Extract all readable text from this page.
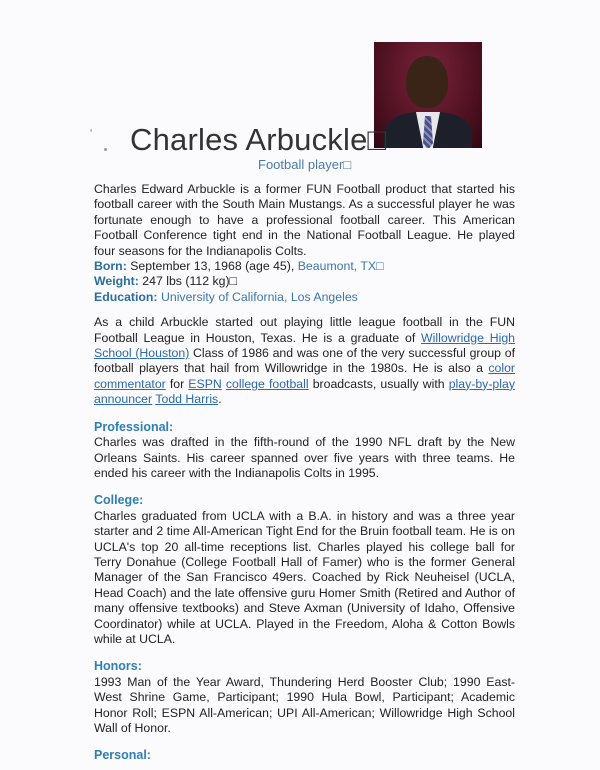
‘ Charles Arbuckle□
Football player□

Charles Edward Arbuckle is a former FUN Football product that started his football career with the South Main Mustangs. As a successful player he was fortunate enough to have a professional football career. This American Football Conference tight end in the National Football League. He played four seasons for the Indianapolis Colts.

Born: September 13, 1968 (age 45), Beaumont, TX□
Weight: 247 lbs (112 kg)□
Education: University of California, Los Angeles

As a child Arbuckle started out playing little league football in the FUN Football League in Houston, Texas. He is a graduate of Willowridge High School (Houston) Class of 1986 and was one of the very successful group of football players that hail from Willowridge in the 1980s. He is also a color commentator for ESPN college football broadcasts, usually with play-by-play announcer Todd Harris.

Professional:

Charles was drafted in the fifth-round of the 1990 NFL draft by the New Orleans Saints. His career spanned over five years with three teams. He ended his career with the Indianapolis Colts in 1995.

College:

Charles graduated from UCLA with a B.A. in history and was a three year starter and 2 time All-American Tight End for the Bruin football team. He is on UCLA's top 20 all-time receptions list. Charles played his college ball for Terry Donahue (College Football Hall of Famer) who is the former General Manager of the San Francisco 49ers. Coached by Rick Neuheisel (UCLA, Head Coach) and the late offensive guru Homer Smith (Retired and Author of many offensive textbooks) and Steve Axman (University of Idaho, Offensive Coordinator) while at UCLA. Played in the Freedom, Aloha & Cotton Bowls while at UCLA.

Honors:

1993 Man of the Year Award, Thundering Herd Booster Club; 1990 East-West Shrine Game, Participant; 1990 Hula Bowl, Participant; Academic Honor Roll; ESPN All-American; UPI All-American; Willowridge High School Wall of Honor.

Personal:
